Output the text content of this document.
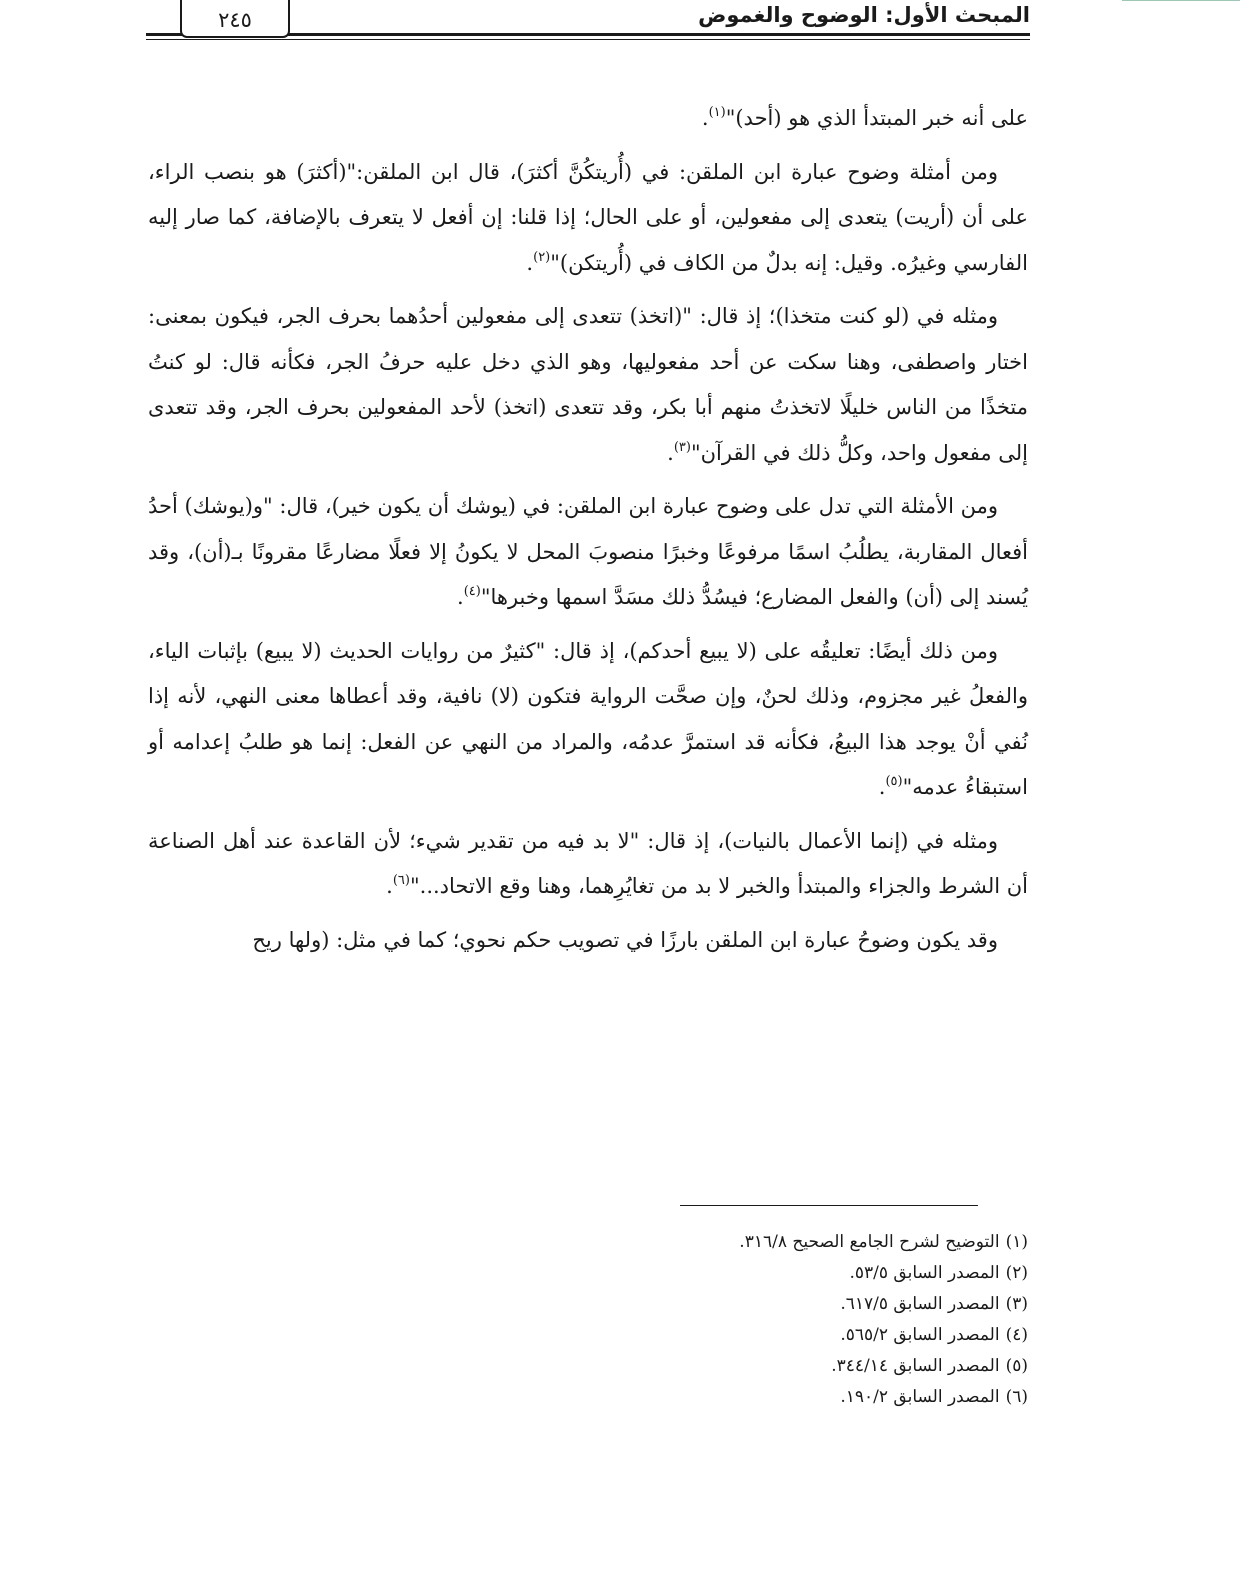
المبحث الأول: الوضوح والغموض
٢٤٥

على أنه خبر المبتدأ الذي هو (أحد)"$^{(١)}$.

ومن أمثلة وضوح عبارة ابن الملقن: في (أُريتكُنَّ أكثرَ)، قال ابن الملقن:"(أكثرَ) هو بنصب الراء، على أن (أريت) يتعدى إلى مفعولين، أو على الحال؛ إذا قلنا: إن أفعل لا يتعرف بالإضافة، كما صار إليه الفارسي وغيرُه. وقيل: إنه بدلٌ من الكاف في (أُريتكن)"$^{(٢)}$.

ومثله في (لو كنت متخذا)؛ إذ قال: "(اتخذ) تتعدى إلى مفعولين أحدُهما بحرف الجر، فيكون بمعنى: اختار واصطفى، وهنا سكت عن أحد مفعوليها، وهو الذي دخل عليه حرفُ الجر، فكأنه قال: لو كنتُ متخذًا من الناس خليلًا لاتخذتُ منهم أبا بكر، وقد تتعدى (اتخذ) لأحد المفعولين بحرف الجر، وقد تتعدى إلى مفعول واحد، وكلُّ ذلك في القرآن"$^{(٣)}$.

ومن الأمثلة التي تدل على وضوح عبارة ابن الملقن: في (يوشك أن يكون خير)، قال: "و(يوشك) أحدُ أفعال المقاربة، يطلُبُ اسمًا مرفوعًا وخبرًا منصوبَ المحل لا يكونُ إلا فعلًا مضارعًا مقرونًا بـ(أن)، وقد يُسند إلى (أن) والفعل المضارع؛ فيسُدُّ ذلك مسَدَّ اسمها وخبرها"$^{(٤)}$.

ومن ذلك أيضًا: تعليقُه على (لا يبيع أحدكم)، إذ قال: "كثيرٌ من روايات الحديث (لا يبيع) بإثبات الياء، والفعلُ غير مجزوم، وذلك لحنٌ، وإن صحَّت الرواية فتكون (لا) نافية، وقد أعطاها معنى النهي، لأنه إذا نُفي أنْ يوجد هذا البيعُ، فكأنه قد استمرَّ عدمُه، والمراد من النهي عن الفعل: إنما هو طلبُ إعدامه أو استبقاءُ عدمه"$^{(٥)}$.

ومثله في (إنما الأعمال بالنيات)، إذ قال: "لا بد فيه من تقدير شيء؛ لأن القاعدة عند أهل الصناعة أن الشرط والجزاء والمبتدأ والخبر لا بد من تغايُرِهما، وهنا وقع الاتحاد..."$^{(٦)}$.

وقد يكون وضوحُ عبارة ابن الملقن بارزًا في تصويب حكم نحوي؛ كما في مثل: (ولها ريح

(١)التوضيح لشرح الجامع الصحيح ٣١٦/٨.
(٢)المصدر السابق ٥٣/٥.
(٣)المصدر السابق ٦١٧/٥.
(٤)المصدر السابق ٥٦٥/٢.
(٥)المصدر السابق ٣٤٤/١٤.
(٦)المصدر السابق ١٩٠/٢.
